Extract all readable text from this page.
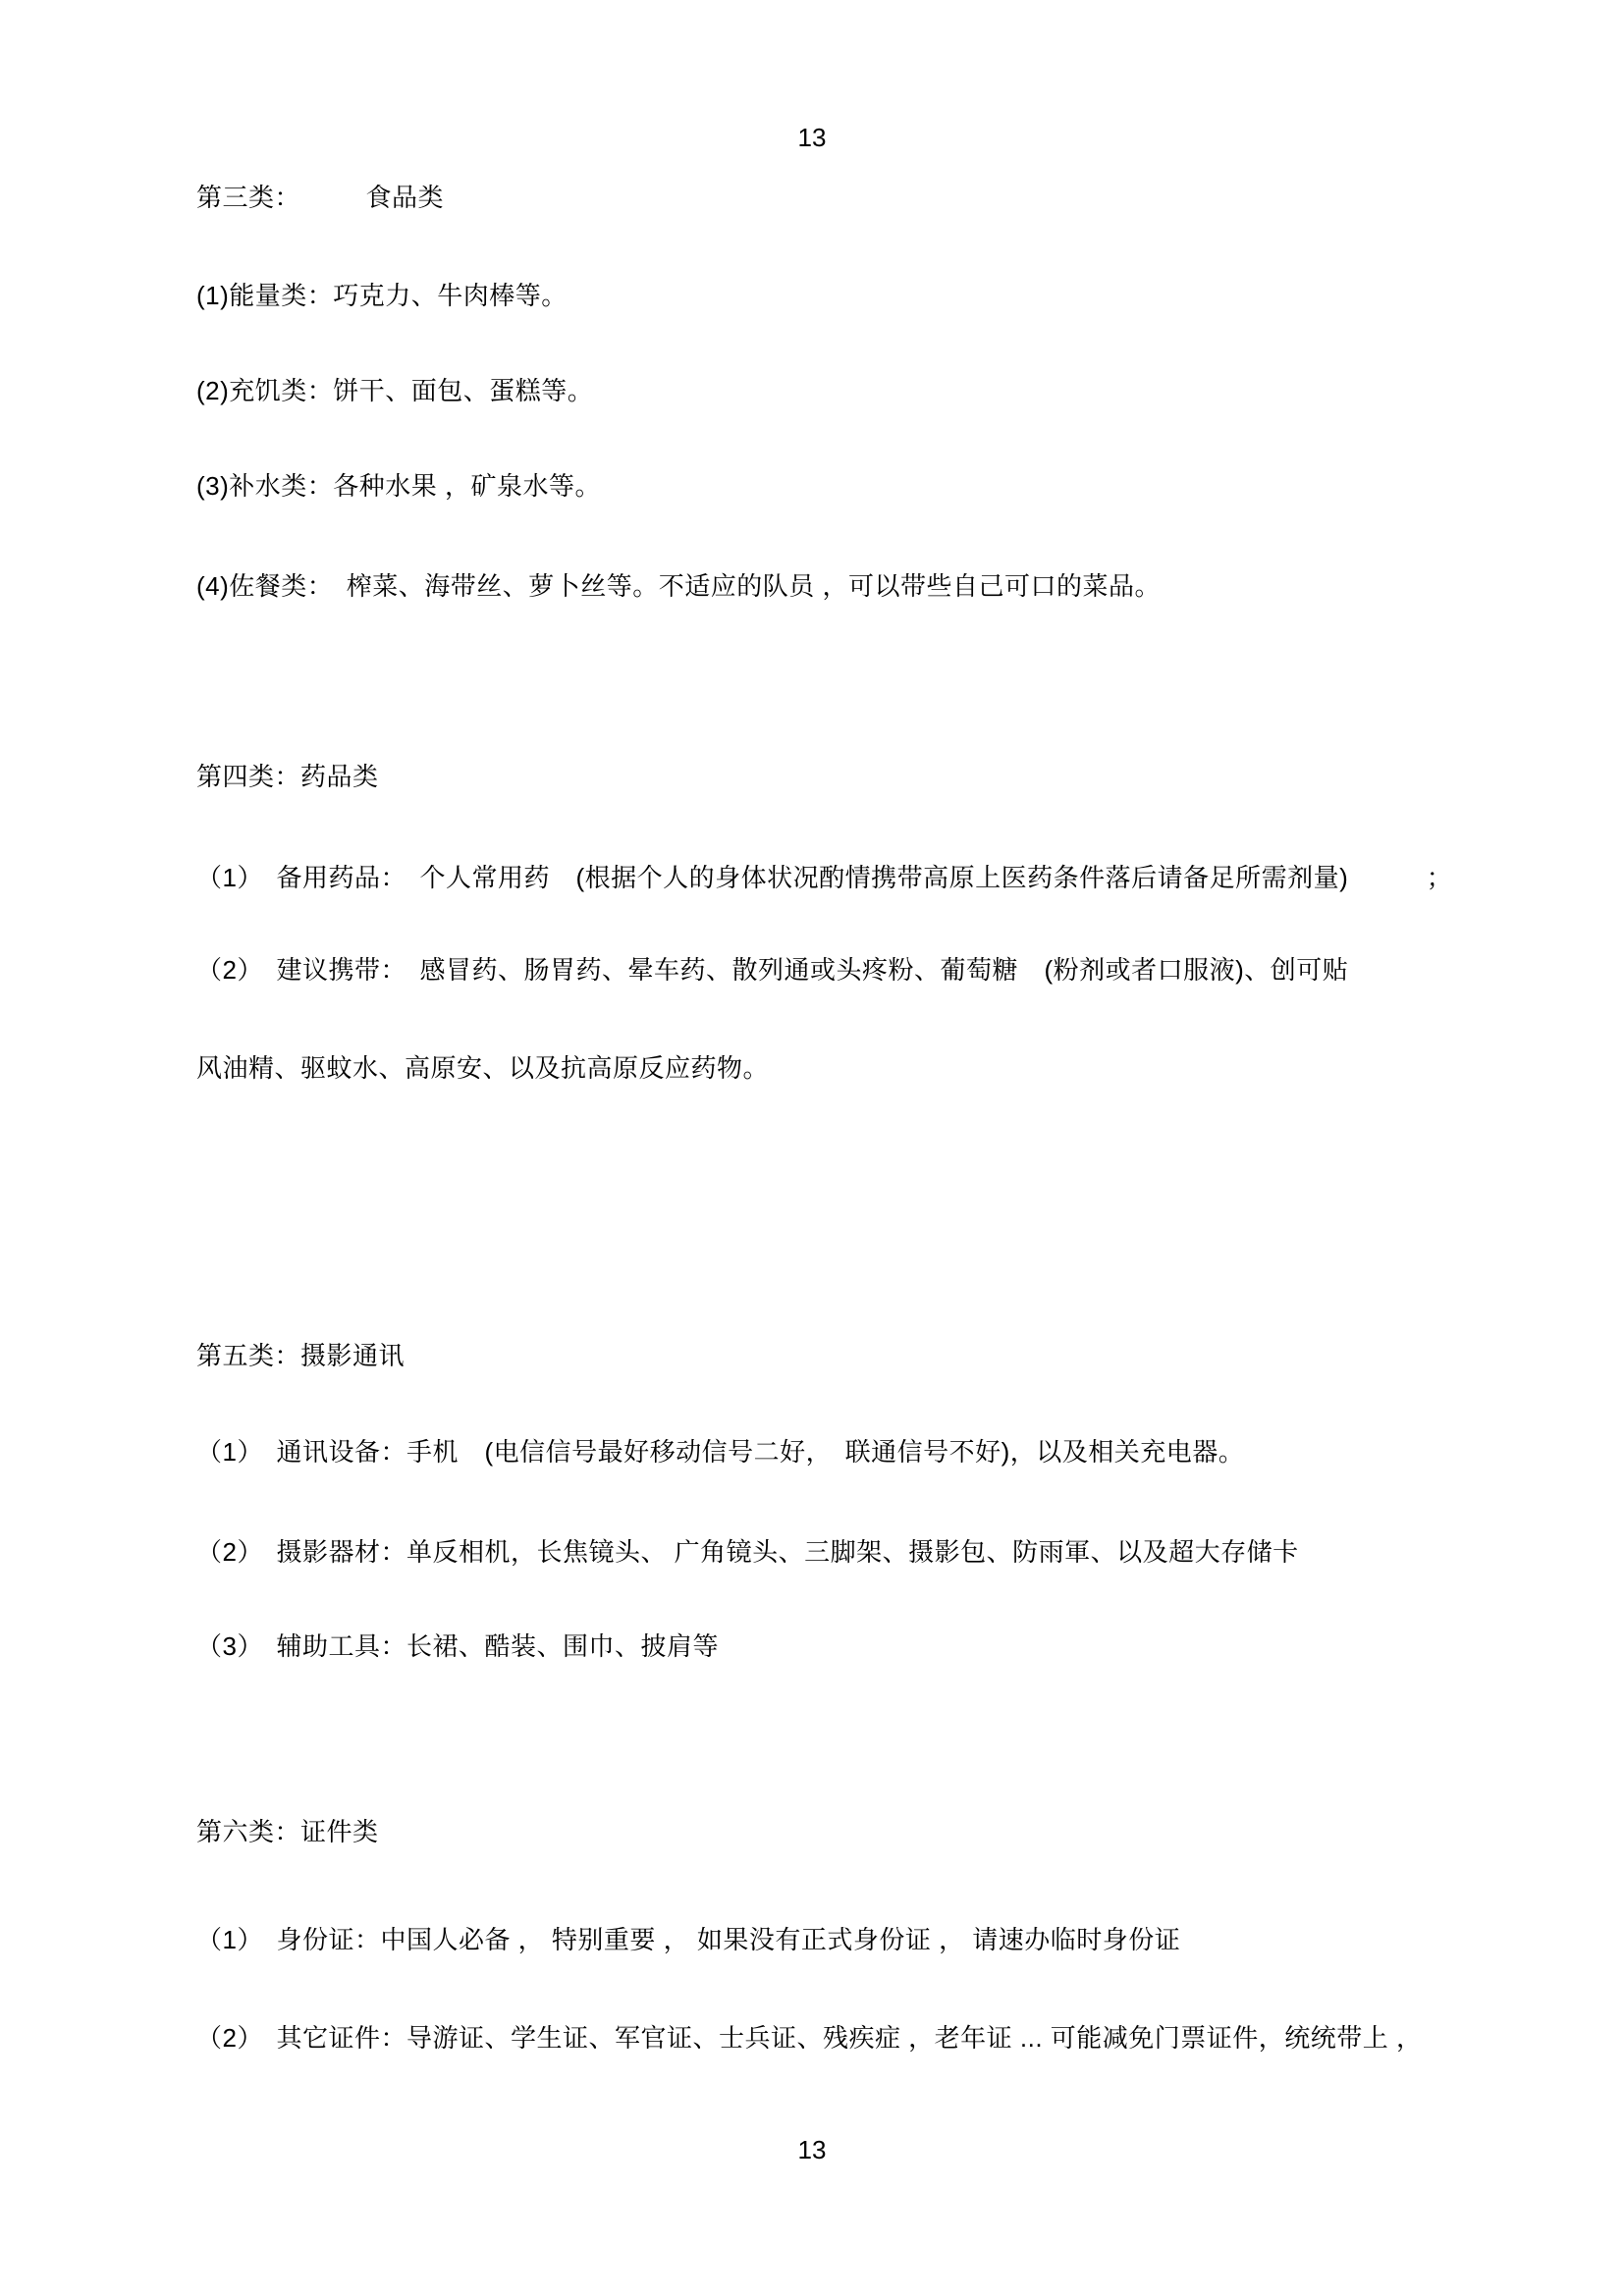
13
第三类：　　　食品类
(1)能量类：巧克力、牛肉棒等。
(2)充饥类：饼干、面包、蛋糕等。
(3)补水类：各种水果 ，矿泉水等。
(4)佐餐类：　榨菜、海带丝、萝卜丝等。不适应的队员 ，可以带些自己可口的菜品。
第四类：药品类
（1）　备用药品：　个人常用药　(根据个人的身体状况酌情携带高原上医药条件落后请备足所需剂量)　　　；
（2）　建议携带：　感冒药、肠胃药、晕车药、散列通或头疼粉、葡萄糖　(粉剂或者口服液)、创可贴
风油精、驱蚊水、高原安、以及抗高原反应药物。
第五类：摄影通讯
（1）　通讯设备：手机　(电信信号最好移动信号二好，　联通信号不好)，以及相关充电器。
（2）　摄影器材：单反相机，长焦镜头、 广角镜头、三脚架、摄影包、防雨軍、以及超大存储卡
（3）　辅助工具：长裙、酷装、围巾、披肩等
第六类：证件类
（1）　身份证：中国人必备 ， 特别重要 ， 如果没有正式身份证 ， 请速办临时身份证
（2）　其它证件：导游证、学生证、军官证、士兵证、残疾症 ，老年证 ... 可能减免门票证件，统统带上 ，
13
